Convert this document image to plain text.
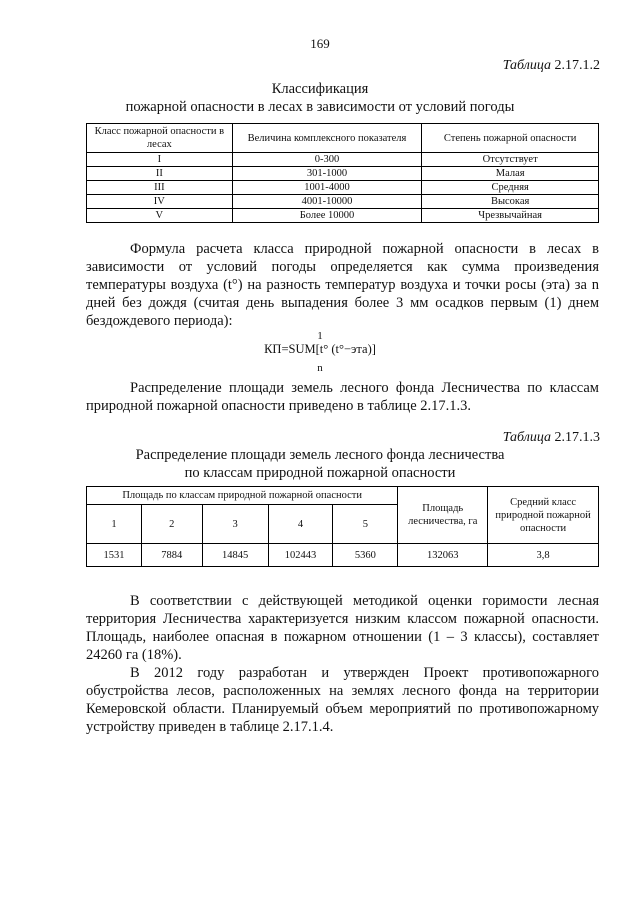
169
Таблица 2.17.1.2
Классификация
пожарной опасности в лесах в зависимости от условий погоды
Класс пожарной опасности в лесах	Величина комплексного показателя	Степень пожарной опасности
I	0-300	Отсутствует
II	301-1000	Малая
III	1001-4000	Средняя
IV	4001-10000	Высокая
V	Более 10000	Чрезвычайная

Формула расчета класса природной пожарной опасности в лесах в зависимости от условий погоды определяется как сумма произведения температуры воздуха (t°) на разность температур воздуха и точки росы (эта) за n дней без дождя (считая день выпадения более 3 мм осадков первым (1) днем бездождевого периода):

1
КП=SUM[t° (t°−эта)]
n

Распределение площади земель лесного фонда Лесничества по классам природной пожарной опасности приведено в таблице 2.17.1.3.

Таблица 2.17.1.3
Распределение площади земель лесного фонда лесничества
по классам природной пожарной опасности
Площадь по классам природной пожарной опасности					Площадь лесничества, га	Средний класс природной пожарной опасности
1	2	3	4	5		
1531	7884	14845	102443	5360	132063	3,8

В соответствии с действующей методикой оценки горимости лесная территория Лесничества характеризуется низким классом пожарной опасности. Площадь, наиболее опасная в пожарном отношении (1 – 3 классы), составляет 24260 га (18%).

В 2012 году разработан и утвержден Проект противопожарного обустройства лесов, расположенных на землях лесного фонда на территории Кемеровской области. Планируемый объем мероприятий по противопожарному устройству приведен в таблице 2.17.1.4.
